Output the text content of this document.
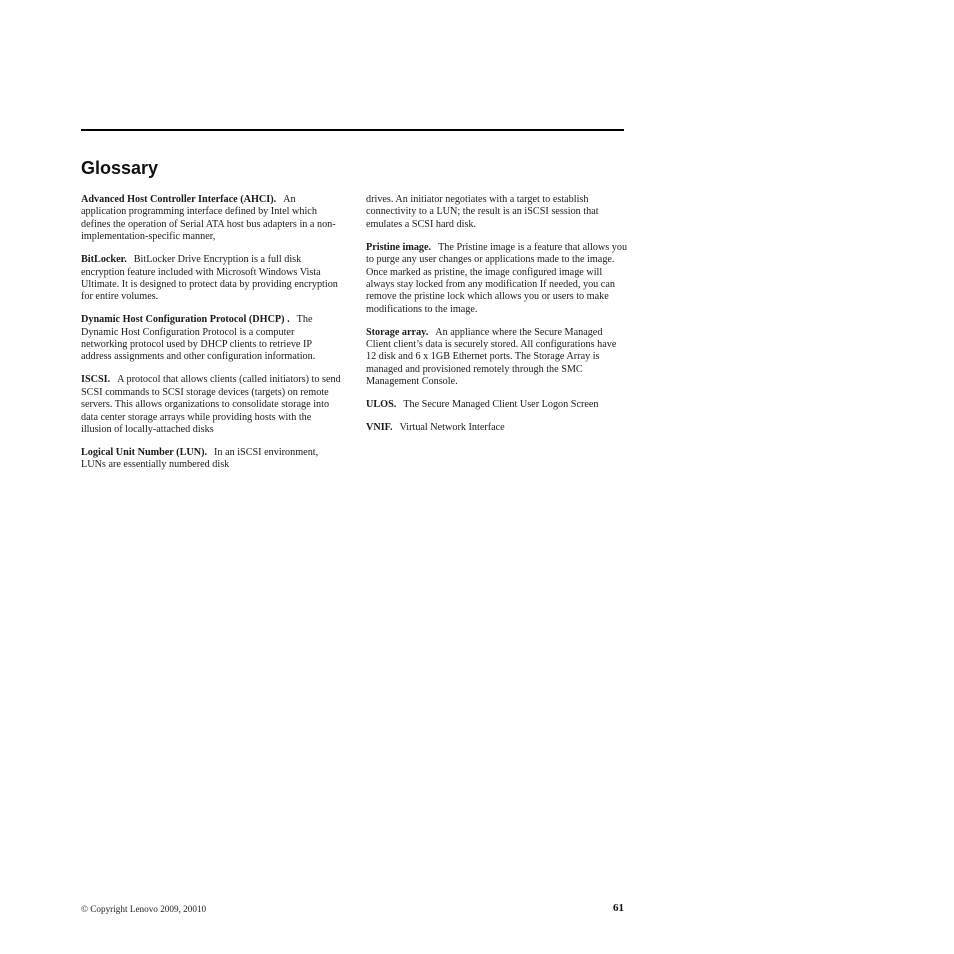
Glossary

Advanced Host Controller Interface (AHCI). An application programming interface defined by Intel which defines the operation of Serial ATA host bus adapters in a non-implementation-specific manner,

BitLocker. BitLocker Drive Encryption is a full disk encryption feature included with Microsoft Windows Vista Ultimate. It is designed to protect data by providing encryption for entire volumes.

Dynamic Host Configuration Protocol (DHCP) . The Dynamic Host Configuration Protocol is a computer networking protocol used by DHCP clients to retrieve IP address assignments and other configuration information.

ISCSI. A protocol that allows clients (called initiators) to send SCSI commands to SCSI storage devices (targets) on remote servers. This allows organizations to consolidate storage into data center storage arrays while providing hosts with the illusion of locally-attached disks

Logical Unit Number (LUN). In an iSCSI environment, LUNs are essentially numbered disk

drives. An initiator negotiates with a target to establish connectivity to a LUN; the result is an iSCSI session that emulates a SCSI hard disk.

Pristine image. The Pristine image is a feature that allows you to purge any user changes or applications made to the image. Once marked as pristine, the image configured image will always stay locked from any modification If needed, you can remove the pristine lock which allows you or users to make modifications to the image.

Storage array. An appliance where the Secure Managed Client client’s data is securely stored. All configurations have 12 disk and 6 x 1GB Ethernet ports. The Storage Array is managed and provisioned remotely through the SMC Management Console.

ULOS. The Secure Managed Client User Logon Screen

VNIF. Virtual Network Interface

© Copyright Lenovo 2009, 20010	61
